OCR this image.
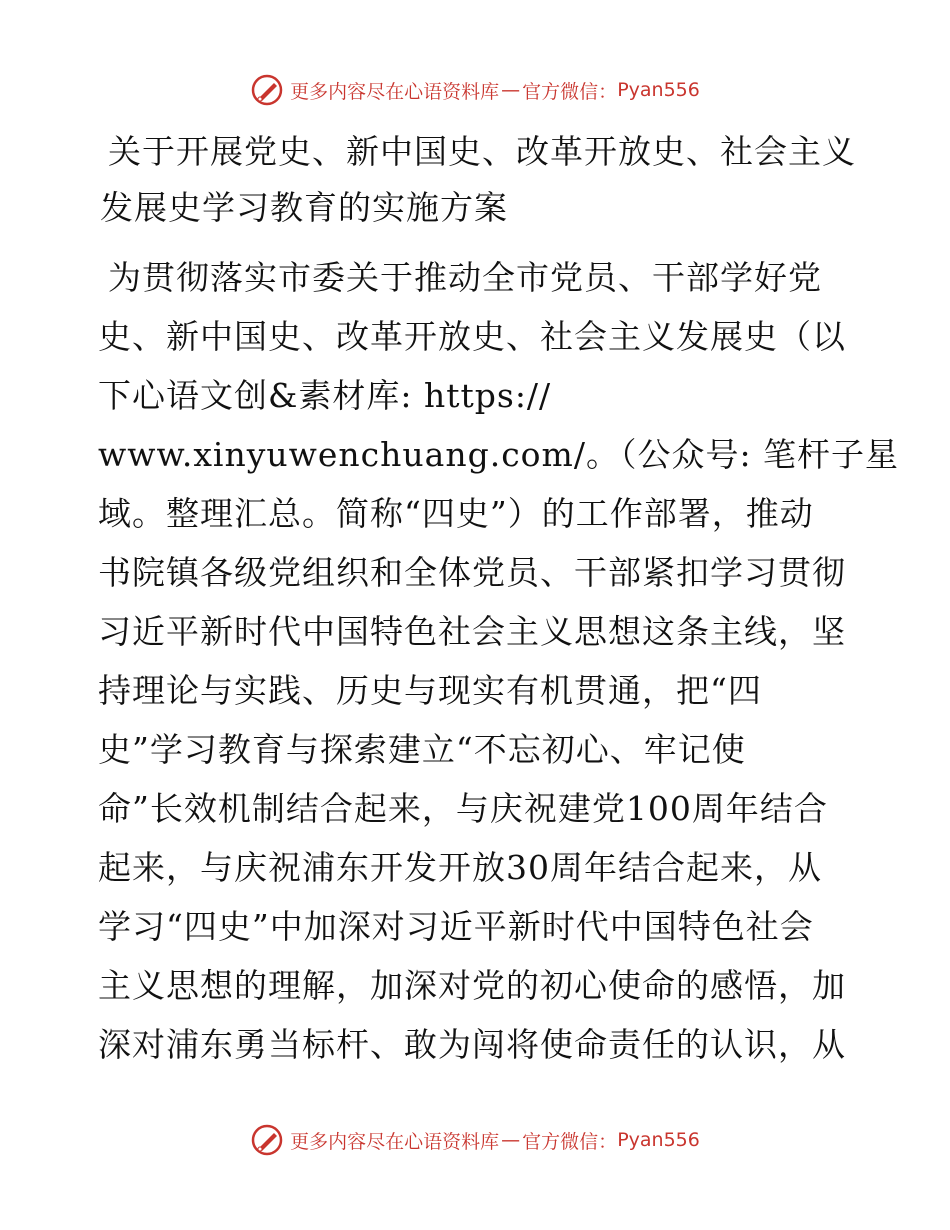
更多内容尽在心语资料库 — 官方微信： Pyan556
关于开展党史、新中国史、改革开放史、社会主义发展史学习教育的实施方案
为贯彻落实市委关于推动全市党员、干部学好党
史、新中国史、改革开放史、社会主义发展史（以
下心语文创&素材库: https://
www.xinyuwenchuang.com/。（公众号: 笔杆子星
域。整理汇总。简称“四史”）的工作部署，推动
书院镇各级党组织和全体党员、干部紧扣学习贯彻
习近平新时代中国特色社会主义思想这条主线，坚
持理论与实践、历史与现实有机贯通，把“四
史”学习教育与探索建立“不忘初心、牢记使
命”长效机制结合起来，与庆祝建党100周年结合
起来，与庆祝浦东开发开放30周年结合起来，从
学习“四史”中加深对习近平新时代中国特色社会
主义思想的理解，加深对党的初心使命的感悟，加
深对浦东勇当标杆、敢为闯将使命责任的认识，从
更多内容尽在心语资料库 — 官方微信： Pyan556
